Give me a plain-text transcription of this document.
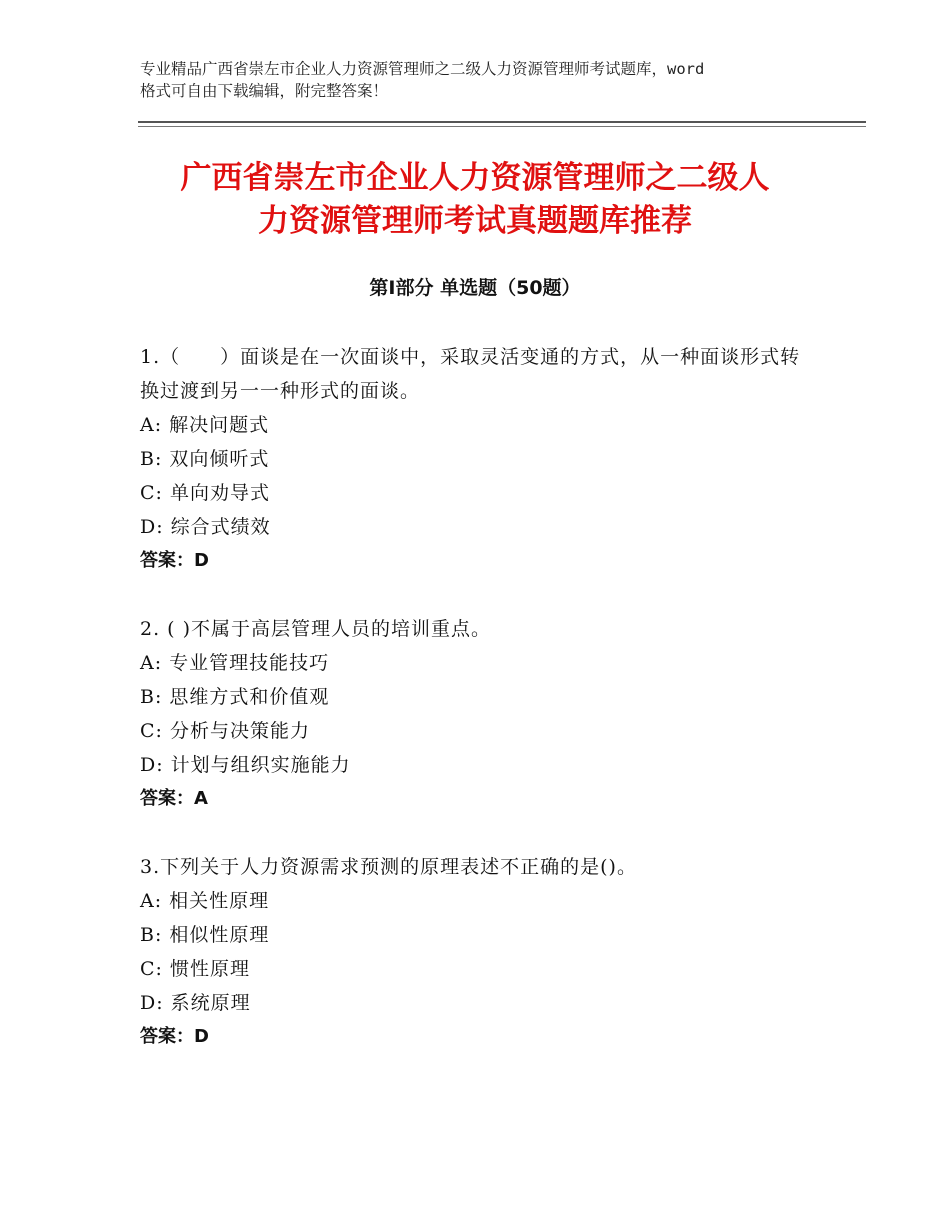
专业精品广西省崇左市企业人力资源管理师之二级人力资源管理师考试题库，word
格式可自由下载编辑，附完整答案！
广西省崇左市企业人力资源管理师之二级人
力资源管理师考试真题题库推荐
第Ⅰ部分 单选题（50题）
1.（　　）面谈是在一次面谈中，采取灵活变通的方式，从一种面谈形式转换过渡到另一一种形式的面谈。
A: 解决问题式
B: 双向倾听式
C: 单向劝导式
D: 综合式绩效
答案：D
2. ( )不属于高层管理人员的培训重点。
A: 专业管理技能技巧
B: 思维方式和价值观
C: 分析与决策能力
D: 计划与组织实施能力
答案：A
3.下列关于人力资源需求预测的原理表述不正确的是()。
A: 相关性原理
B: 相似性原理
C: 惯性原理
D: 系统原理
答案：D
